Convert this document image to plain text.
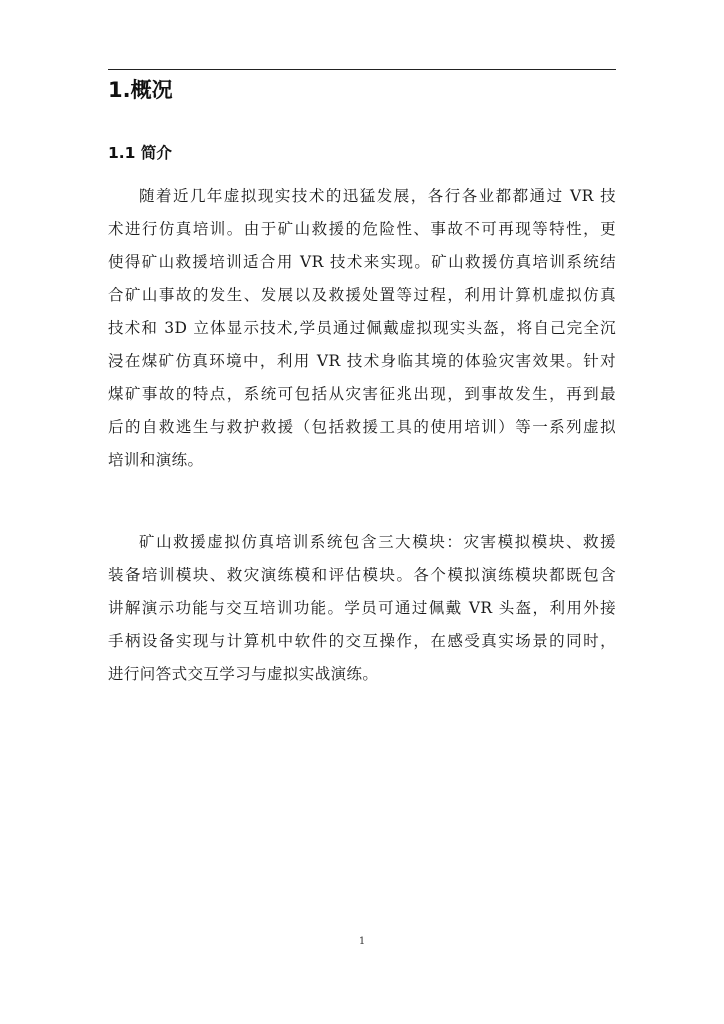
1.概况
1.1 简介
随着近几年虚拟现实技术的迅猛发展，各行各业都都通过 VR 技
术进行仿真培训。由于矿山救援的危险性、事故不可再现等特性，更
使得矿山救援培训适合用 VR 技术来实现。矿山救援仿真培训系统结
合矿山事故的发生、发展以及救援处置等过程，利用计算机虚拟仿真
技术和 3D 立体显示技术,学员通过佩戴虚拟现实头盔，将自己完全沉
浸在煤矿仿真环境中，利用 VR 技术身临其境的体验灾害效果。针对
煤矿事故的特点，系统可包括从灾害征兆出现，到事故发生，再到最
后的自救逃生与救护救援（包括救援工具的使用培训）等一系列虚拟
培训和演练。
矿山救援虚拟仿真培训系统包含三大模块：灾害模拟模块、救援
装备培训模块、救灾演练模和评估模块。各个模拟演练模块都既包含
讲解演示功能与交互培训功能。学员可通过佩戴 VR 头盔，利用外接
手柄设备实现与计算机中软件的交互操作，在感受真实场景的同时，
进行问答式交互学习与虚拟实战演练。
1
